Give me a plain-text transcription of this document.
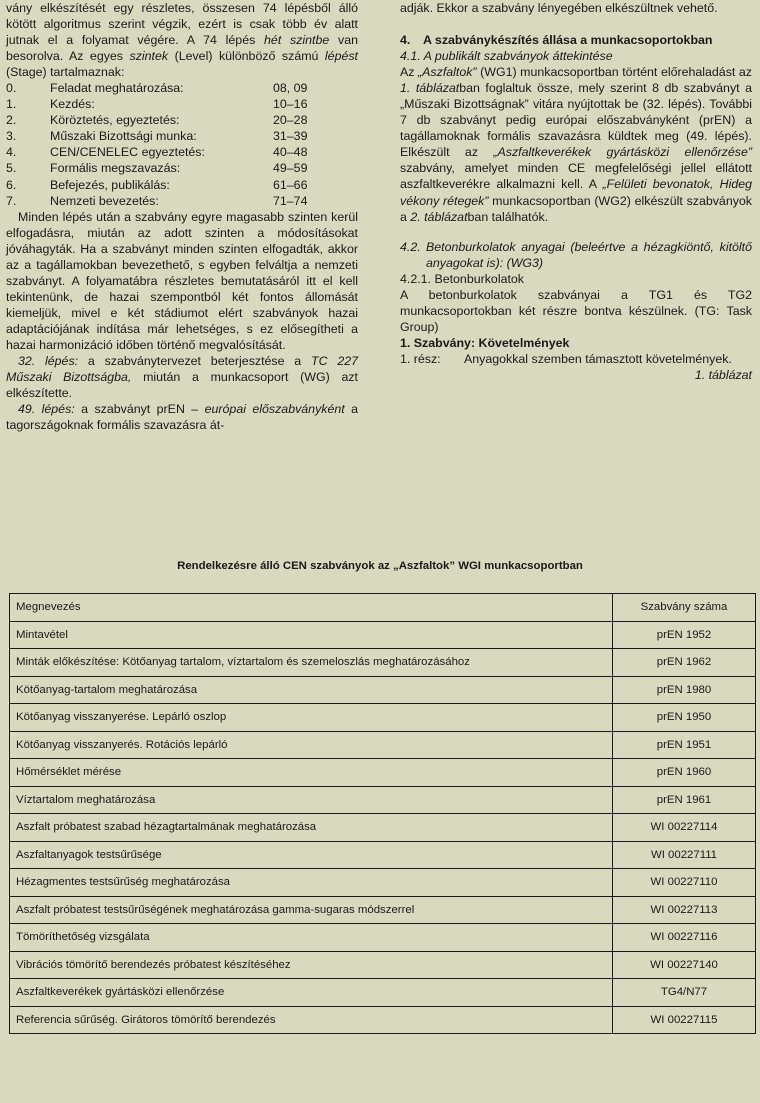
vány elkészítését egy részletes, összesen 74 lépésből álló kötött algoritmus szerint végzik, ezért is csak több év alatt jutnak el a folyamat végére. A 74 lépés hét szintbe van besorolva. Az egyes szintek (Level) különböző számú lépést (Stage) tartalmaznak:

0.	Feladat meghatározása:	08, 09
1.	Kezdés:	10–16
2.	Köröztetés, egyeztetés:	20–28
3.	Műszaki Bizottsági munka:	31–39
4.	CEN/CENELEC egyeztetés:	40–48
5.	Formális megszavazás:	49–59
6.	Befejezés, publikálás:	61–66
7.	Nemzeti bevezetés:	71–74

Minden lépés után a szabvány egyre magasabb szinten kerül elfogadásra, miután az adott szinten a módosításokat jóváhagyták. Ha a szabványt minden szinten elfogadták, akkor az a tagállamokban bevezethető, s egyben felváltja a nemzeti szabványt. A folyamatábra részletes bemutatásáról itt el kell tekintenünk, de hazai szempontból két fontos állomását kiemeljük, mivel e két stádiumot elért szabványok hazai adaptációjának indítása már lehetséges, s ez elősegítheti a hazai harmonizáció időben történő megvalósítását.

32. lépés: a szabványtervezet beterjesztése a TC 227 Műszaki Bizottságba, miután a munkacsoport (WG) azt elkészítette.

49. lépés: a szabványt prEN – európai előszabványként a tagországoknak formális szavazásra át-

adják. Ekkor a szabvány lényegében elkészültnek vehető.

4.	A szabványkészítés állása a munkacsoportokban

4.1. A publikált szabványok áttekintése

Az „Aszfaltok” (WG1) munkacsoportban történt előrehaladást az 1. táblázatban foglaltuk össze, mely szerint 8 db szabványt a „Műszaki Bizottságnak” vitára nyújtottak be (32. lépés). További 7 db szabványt pedig európai előszabványként (prEN) a tagállamoknak formális szavazásra küldtek meg (49. lépés). Elkészült az „Aszfaltkeverékek gyártásközi ellenőrzése” szabvány, amelyet minden CE megfelelőségi jellel ellátott aszfaltkeverékre alkalmazni kell. A „Felületi bevonatok, Hideg vékony rétegek” munkacsoportban (WG2) elkészült szabványok a 2. táblázatban találhatók.

4.2. Betonburkolatok anyagai (beleértve a hézagkiöntő, kitöltő anyagokat is): (WG3)

4.2.1. Betonburkolatok

A betonburkolatok szabványai a TG1 és TG2 munkacsoportokban két részre bontva készülnek. (TG: Task Group)

1. Szabvány: Követelmények

1. rész:	Anyagokkal szemben támasztott követelmények.

1. táblázat

Rendelkezésre álló CEN szabványok az „Aszfaltok” WGI munkacsoportban
Megnevezés	Szabvány száma
Mintavétel	prEN 1952
Minták előkészítése: Kötőanyag tartalom, víztartalom és szemeloszlás meghatározásához	prEN 1962
Kötőanyag-tartalom meghatározása	prEN 1980
Kötőanyag visszanyerése. Lepárló oszlop	prEN 1950
Kötőanyag visszanyerés. Rotációs lepárló	prEN 1951
Hőmérséklet mérése	prEN 1960
Víztartalom meghatározása	prEN 1961
Aszfalt próbatest szabad hézagtartalmának meghatározása	WI 00227114
Aszfaltanyagok testsűrűsége	WI 00227111
Hézagmentes testsűrűség meghatározása	WI 00227110
Aszfalt próbatest testsűrűségének meghatározása gamma-sugaras módszerrel	WI 00227113
Tömöríthetőség vizsgálata	WI 00227116
Vibrációs tömörítő berendezés próbatest készítéséhez	WI 00227140
Aszfaltkeverékek gyártásközi ellenőrzése	TG4/N77
Referencia sűrűség. Girátoros tömörítő berendezés	WI 00227115
